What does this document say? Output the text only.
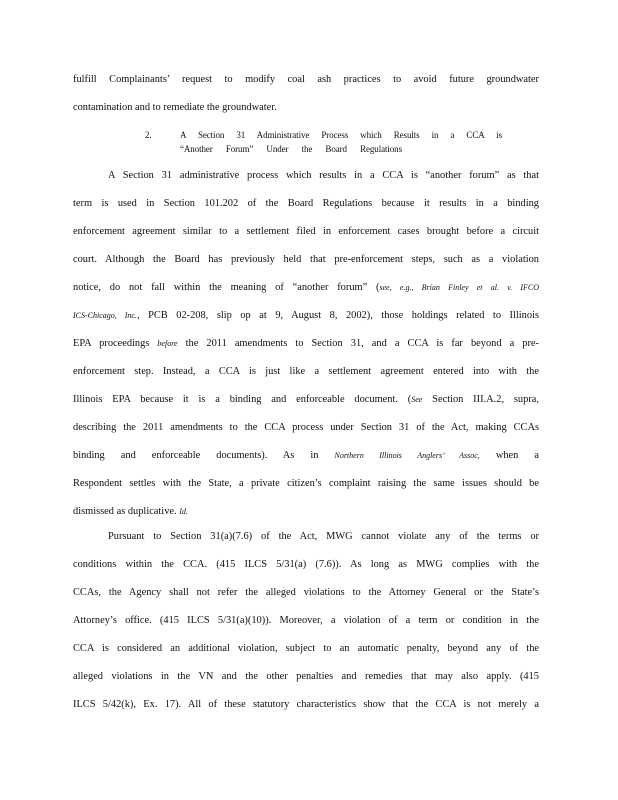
fulfill Complainants’ request to modify coal ash practices to avoid future groundwater
contamination and to remediate the groundwater.
2.	A Section 31 Administrative Process which Results in a CCA is
“Another Forum” Under the Board Regulations
A Section 31 administrative process which results in a CCA is “another forum” as that
term is used in Section 101.202 of the Board Regulations because it results in a binding
enforcement agreement similar to a settlement filed in enforcement cases brought before a circuit
court. Although the Board has previously held that pre-enforcement steps, such as a violation
notice, do not fall within the meaning of “another forum” (see, e.g., Brian Finley et al. v. IFCO
ICS-Chicago, Inc., PCB 02-208, slip op at 9, August 8, 2002), those holdings related to Illinois
EPA proceedings before the 2011 amendments to Section 31, and a CCA is far beyond a pre-
enforcement step. Instead, a CCA is just like a settlement agreement entered into with the
Illinois EPA because it is a binding and enforceable document. (See Section III.A.2, supra,
describing the 2011 amendments to the CCA process under Section 31 of the Act, making CCAs
binding and enforceable documents). As in Northern Illinois Anglers’ Assoc, when a
Respondent settles with the State, a private citizen’s complaint raising the same issues should be
dismissed as duplicative. Id.
Pursuant to Section 31(a)(7.6) of the Act, MWG cannot violate any of the terms or
conditions within the CCA. (415 ILCS 5/31(a) (7.6)). As long as MWG complies with the
CCAs, the Agency shall not refer the alleged violations to the Attorney General or the State’s
Attorney’s office. (415 ILCS 5/31(a)(10)). Moreover, a violation of a term or condition in the
CCA is considered an additional violation, subject to an automatic penalty, beyond any of the
alleged violations in the VN and the other penalties and remedies that may also apply. (415
ILCS 5/42(k), Ex. 17). All of these statutory characteristics show that the CCA is not merely a
